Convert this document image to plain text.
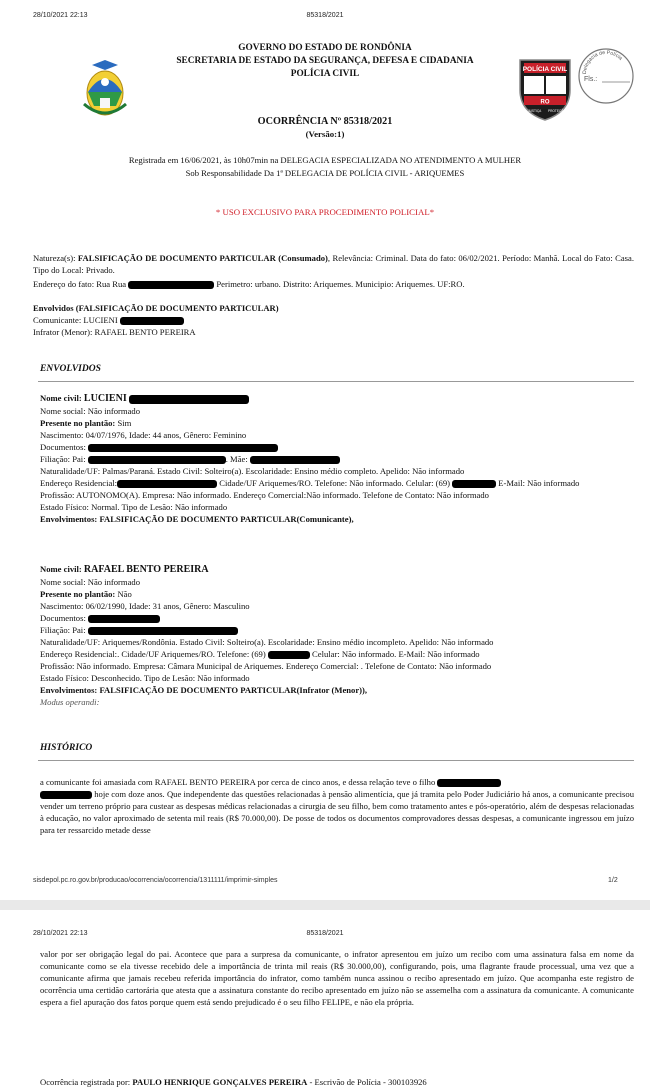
28/10/2021 22:13	85318/2021
GOVERNO DO ESTADO DE RONDÔNIA
SECRETARIA DE ESTADO DA SEGURANÇA, DEFESA E CIDADANIA
POLÍCIA CIVIL	POLÍCIA CIVIL
RO
JUSTIÇA PROTEÇÃO
Delegacia de Polícia
Fls.:
OCORRÊNCIA Nº 85318/2021
(Versão:1)
Registrada em 16/06/2021, às 10h07min na DELEGACIA ESPECIALIZADA NO ATENDIMENTO A MULHER
Sob Responsabilidade Da 1ª DELEGACIA DE POLÍCIA CIVIL - ARIQUEMES
* USO EXCLUSIVO PARA PROCEDIMENTO POLICIAL*
Natureza(s): FALSIFICAÇÃO DE DOCUMENTO PARTICULAR (Consumado), Relevância: Criminal. Data do fato: 06/02/2021. Período: Manhã. Local do Fato: Casa. Tipo do Local: Privado.
Endereço do fato: Rua Rua	Perimetro: urbano. Distrito: Ariquemes. Municipio: Ariquemes. UF:RO.
Envolvidos (FALSIFICAÇÃO DE DOCUMENTO PARTICULAR)
Comunicante: LUCIENI
Infrator (Menor): RAFAEL BENTO PEREIRA
ENVOLVIDOS
Nome civil: LUCIENI
Nome social: Não informado
Presente no plantão: Sim
Nascimento: 04/07/1976, Idade: 44 anos, Gênero: Feminino
Documentos:
Filiação: Pai:	. Mãe:
Naturalidade/UF: Palmas/Paraná. Estado Civil: Solteiro(a). Escolaridade: Ensino médio completo. Apelido: Não informado
Endereço Residencial:	Cidade/UF Ariquemes/RO. Telefone: Não informado. Celular: (69)	E-Mail: Não informado
Profissão: AUTONOMO(A). Empresa: Não informado. Endereço Comercial:Não informado. Telefone de Contato: Não informado
Estado Físico: Normal. Tipo de Lesão: Não informado
Envolvimentos: FALSIFICAÇÃO DE DOCUMENTO PARTICULAR(Comunicante),
Nome civil: RAFAEL BENTO PEREIRA
Nome social: Não informado
Presente no plantão: Não
Nascimento: 06/02/1990, Idade: 31 anos, Gênero: Masculino
Documentos:
Filiação: Pai:
Naturalidade/UF: Ariquemes/Rondônia. Estado Civil: Solteiro(a). Escolaridade: Ensino médio incompleto. Apelido: Não informado
Endereço Residencial:. Cidade/UF Ariquemes/RO. Telefone: (69)	Celular: Não informado. E-Mail: Não informado
Profissão: Não informado. Empresa: Câmara Municipal de Ariquemes. Endereço Comercial: . Telefone de Contato: Não informado
Estado Físico: Desconhecido. Tipo de Lesão: Não informado
Envolvimentos: FALSIFICAÇÃO DE DOCUMENTO PARTICULAR(Infrator (Menor)),
Modus operandi:
HISTÓRICO
a comunicante foi amasiada com RAFAEL BENTO PEREIRA por cerca de cinco anos, e dessa relação teve o filho
hoje com doze anos. Que independente das questões relacionadas à pensão alimentícia, que já tramita pelo Poder Judiciário há anos, a comunicante precisou vender um terreno próprio para custear as despesas médicas relacionadas a cirurgia de seu filho, bem como tratamento antes e pós-operatório, além de despesas relacionadas à educação, no valor aproximado de setenta mil reais (R$ 70.000,00). De posse de todos os documentos comprovadores dessas despesas, a comunicante ingressou em juízo para ter ressarcido metade desse
sisdepol.pc.ro.gov.br/producao/ocorrencia/ocorrencia/1311111/imprimir-simples	1/2
28/10/2021 22:13	85318/2021
valor por ser obrigação legal do pai. Acontece que para a surpresa da comunicante, o infrator apresentou em juízo um recibo com uma assinatura falsa em nome da comunicante como se ela tivesse recebido dele a importância de trinta mil reais (R$ 30.000,00), configurando, pois, uma flagrante fraude processual, uma vez que a comunicante afirma que jamais recebeu referida importância do infrator, como também nunca assinou o recibo apresentado em juízo. Que acompanha este registro de ocorrência uma certidão cartorária que atesta que a assinatura constante do recibo apresentado em juízo não se assemelha com a assinatura da comunicante. A comunicante espera a fiel apuração dos fatos porque quem está sendo prejudicado é o seu filho FELIPE, e não ela própria.
Ocorrência registrada por: PAULO HENRIQUE GONÇALVES PEREIRA - Escrivão de Polícia - 300103926
